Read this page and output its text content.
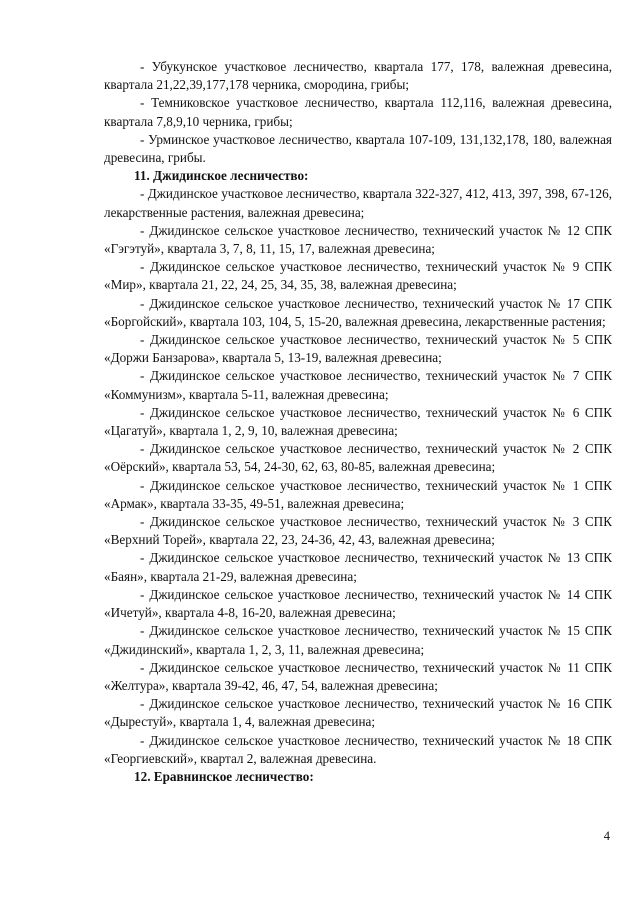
- Убукунское участковое лесничество, квартала 177, 178, валежная древесина, квартала 21,22,39,177,178 черника, смородина, грибы;

- Темниковское участковое лесничество, квартала 112,116, валежная древесина, квартала 7,8,9,10 черника, грибы;

- Урминское участковое лесничество, квартала 107-109, 131,132,178, 180, валежная древесина, грибы.

11. Джидинское лесничество:

- Джидинское участковое лесничество, квартала 322-327, 412, 413, 397, 398, 67-126, лекарственные растения, валежная древесина;

- Джидинское сельское участковое лесничество, технический участок № 12 СПК «Гэгэтуй», квартала 3, 7, 8, 11, 15, 17, валежная древесина;

- Джидинское сельское участковое лесничество, технический участок № 9 СПК «Мир», квартала 21, 22, 24, 25, 34, 35, 38, валежная древесина;

- Джидинское сельское участковое лесничество, технический участок № 17 СПК «Боргойский», квартала 103, 104, 5, 15-20, валежная древесина, лекарственные растения;

- Джидинское сельское участковое лесничество, технический участок № 5 СПК «Доржи Банзарова», квартала 5, 13-19, валежная древесина;

- Джидинское сельское участковое лесничество, технический участок № 7 СПК «Коммунизм», квартала 5-11, валежная древесина;

- Джидинское сельское участковое лесничество, технический участок № 6 СПК «Цагатуй», квартала 1, 2, 9, 10, валежная древесина;

- Джидинское сельское участковое лесничество, технический участок № 2 СПК «Оёрский», квартала 53, 54, 24-30, 62, 63, 80-85, валежная древесина;

- Джидинское сельское участковое лесничество, технический участок № 1 СПК «Армак», квартала 33-35, 49-51, валежная древесина;

- Джидинское сельское участковое лесничество, технический участок № 3 СПК «Верхний Торей», квартала 22, 23, 24-36, 42, 43, валежная древесина;

- Джидинское сельское участковое лесничество, технический участок № 13 СПК «Баян», квартала 21-29, валежная древесина;

- Джидинское сельское участковое лесничество, технический участок № 14 СПК «Ичетуй», квартала 4-8, 16-20, валежная древесина;

- Джидинское сельское участковое лесничество, технический участок № 15 СПК «Джидинский», квартала 1, 2, 3, 11, валежная древесина;

- Джидинское сельское участковое лесничество, технический участок № 11 СПК «Желтура», квартала 39-42, 46, 47, 54, валежная древесина;

- Джидинское сельское участковое лесничество, технический участок № 16 СПК «Дырестуй», квартала 1, 4, валежная древесина;

- Джидинское сельское участковое лесничество, технический участок № 18 СПК «Георгиевский», квартал 2, валежная древесина.

12. Еравнинское лесничество:

4
